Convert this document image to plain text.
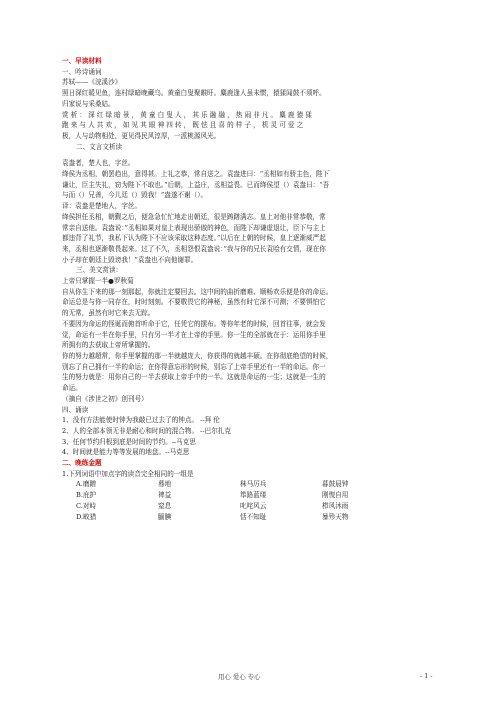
一、早读材料
一、吟诗诵词
苏轼——《浣溪沙》
照日深红暖见鱼，连村绿暗晚藏乌。黄童白叟聚睢盱。麋鹿逢人虽未惯，猿猱闻鼓不须呼。
归家说与采桑姑。
赏 析 ： 深 红 绿 暗 景 ， 黄 童 白 叟 人 ， 其 乐 融 融 ， 热 闹 非 凡 。 麋 鹿 猿 猱
跑 来 与 人 共 欢 ， 如 见 其 眼 神 四 转 ， 既 怯 且 喜 的 样 子 ， 机 灵 可 爱 之
极，人与动物相处，更见得民风淳厚，一派桃源风光。
二、文言文析读
袁盎者，楚人也，字丝。
绛侯为丞相，朝罢趋出，意得甚。上礼之恭，常自送之。袁盎进曰：“丞相如有骄主色，陛下
谦让，臣主失礼，窃为陛下不取也。”后朝，上益庄，丞相益畏。已而绛侯望（）袁盎曰：“吾
与而（）兄善，今儿廷（）毁我！”盎遂不谢（）。
译：袁盎是楚地人，字丝。
绛侯担任丞相，朝觐之后，便急急忙忙地走出朝廷，很是踌躇满志。皇上对他非常恭敬，常
常亲自送他。袁盎说：”丞相如果对皇上表现出骄傲的神色，而陛下却谦虚退让，臣下与主上
都违背了礼节，我私下认为陛下不应该采取这种态度。”以后在上朝的时候，皇上逐渐威严起
来，丞相也逐渐敬畏起来。过了不久，丞相怨恨袁盎说：”我与你的兄长袁哙有交情，现在你
小子却在朝廷上毁谤我！”袁盎也不向他谢罪。
三、美文赏读：
上帝只掌握一半●罗秋菊
自从你生下来的那一刻那起，你就注定要回去。这中间的曲折磨难、顺畅欢乐便是你的命运。
命运总是与你一同存在，时时刻刻。不要敬畏它的神秘，虽然有时它深不可测；不要惧怕它
的无常，虽然有时它来去无踪。
不要因为命运的怪诞而俯首听命于它，任凭它的摆布。等你年老的时候，回首往事，就会发
觉，命运有一半在你手里，只有另一半才在上帝的手里。你一生的全部就在于：运用你手里
所拥有的去获取上帝所掌握的。
你的努力越超常，你手里掌握的那一半就越庞大，你获得的就越丰硕。在你彻底绝望的时候，
别忘了自己拥有一半的命运；在你得意忘形的时候，别忘了上帝手里还有一半的命运。你一
生的努力就是：用你自己的一半去获取上帝手中的一半。这就是命运的一生；这就是一生的
命运。
（摘自《涉世之初》创刊号）
四、诵读
1、没有方法能使时钟为我敲已过去了的钟点。 --拜 伦
2、人的全部本领无非是耐心和时间的混合物。 --巴尔扎克
3、任何节约归根到底是时间的节约。--马克思
4、时间就是能力等等发展的地盘。--马克思
二、晚练金题
1.下列词语中加点字的读音完全相同的一组是
A.磨蹭	蓦地	秣马厉兵	暮鼓晨钟
B.庇护	裨益	筚路蓝缕	刚愎自用
C.对峙	窒息	叱咤风云	栉风沐雨
D.畋猎	腼腆	恬不知耻	暴殄天物
用心 爱心 专心	- 1 -
